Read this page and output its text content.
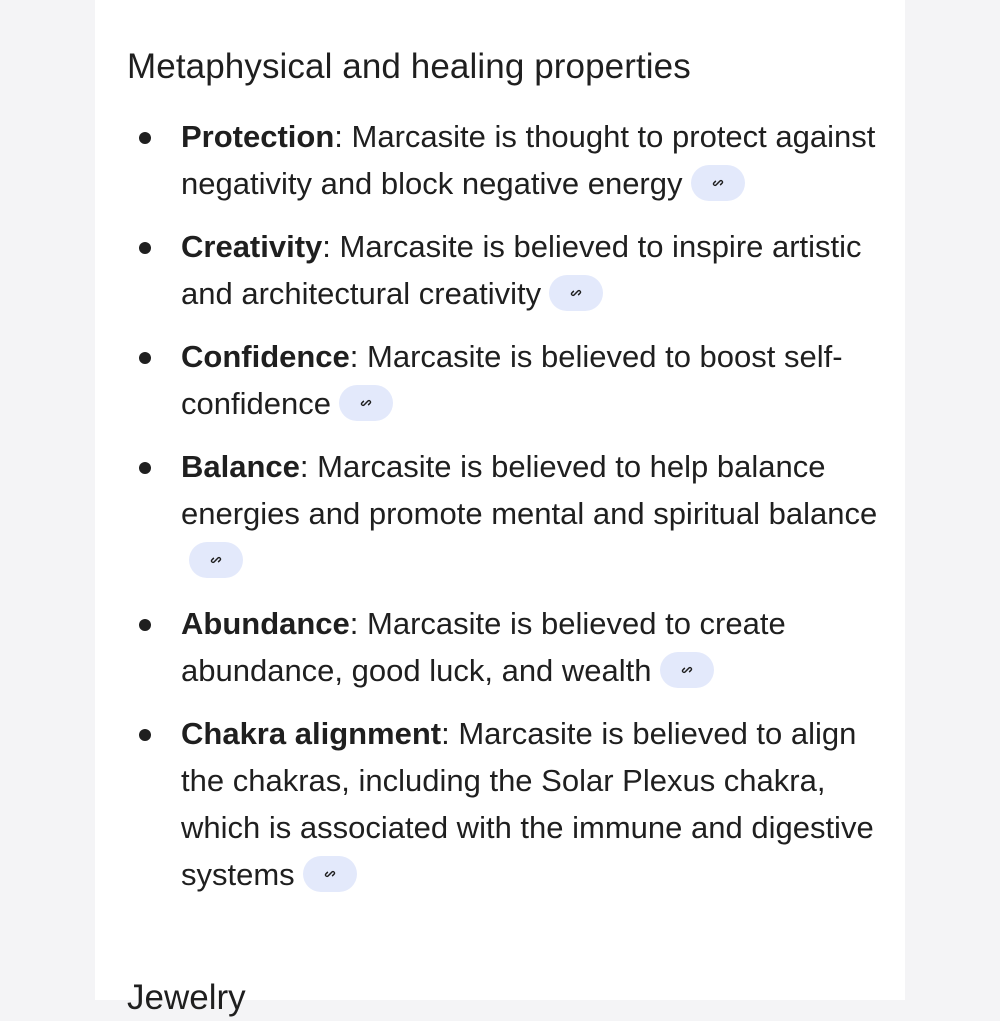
Metaphysical and healing properties
Protection: Marcasite is thought to protect against negativity and block negative energy
Creativity: Marcasite is believed to inspire artistic and architectural creativity
Confidence: Marcasite is believed to boost self-confidence
Balance: Marcasite is believed to help balance energies and promote mental and spiritual balance
Abundance: Marcasite is believed to create abundance, good luck, and wealth
Chakra alignment: Marcasite is believed to align the chakras, including the Solar Plexus chakra, which is associated with the immune and digestive systems
Jewelry
